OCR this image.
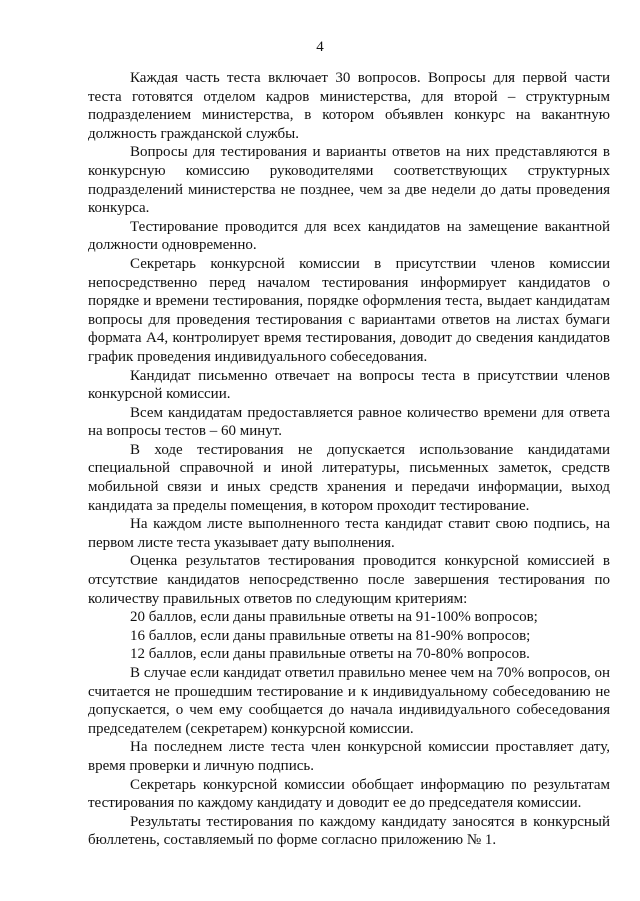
4

Каждая часть теста включает 30 вопросов. Вопросы для первой части теста готовятся отделом кадров министерства, для второй – структурным подразделением министерства, в котором объявлен конкурс на вакантную должность гражданской службы.

Вопросы для тестирования и варианты ответов на них представляются в конкурсную комиссию руководителями соответствующих структурных подразделений министерства не позднее, чем за две недели до даты проведения конкурса.

Тестирование проводится для всех кандидатов на замещение вакантной должности одновременно.

Секретарь конкурсной комиссии в присутствии членов комиссии непосредственно перед началом тестирования информирует кандидатов о порядке и времени тестирования, порядке оформления теста, выдает кандидатам вопросы для проведения тестирования с вариантами ответов на листах бумаги формата А4, контролирует время тестирования, доводит до сведения кандидатов график проведения индивидуального собеседования.

Кандидат письменно отвечает на вопросы теста в присутствии членов конкурсной комиссии.

Всем кандидатам предоставляется равное количество времени для ответа на вопросы тестов – 60 минут.

В ходе тестирования не допускается использование кандидатами специальной справочной и иной литературы, письменных заметок, средств мобильной связи и иных средств хранения и передачи информации, выход кандидата за пределы помещения, в котором проходит тестирование.

На каждом листе выполненного теста кандидат ставит свою подпись, на первом листе теста указывает дату выполнения.

Оценка результатов тестирования проводится конкурсной комиссией в отсутствие кандидатов непосредственно после завершения тестирования по количеству правильных ответов по следующим критериям:

20 баллов, если даны правильные ответы на 91-100% вопросов;

16 баллов, если даны правильные ответы на 81-90% вопросов;

12 баллов, если даны правильные ответы на 70-80% вопросов.

В случае если кандидат ответил правильно менее чем на 70% вопросов, он считается не прошедшим тестирование и к индивидуальному собеседованию не допускается, о чем ему сообщается до начала индивидуального собеседования председателем (секретарем) конкурсной комиссии.

На последнем листе теста член конкурсной комиссии проставляет дату, время проверки и личную подпись.

Секретарь конкурсной комиссии обобщает информацию по результатам тестирования по каждому кандидату и доводит ее до председателя комиссии.

Результаты тестирования по каждому кандидату заносятся в конкурсный бюллетень, составляемый по форме согласно приложению № 1.
